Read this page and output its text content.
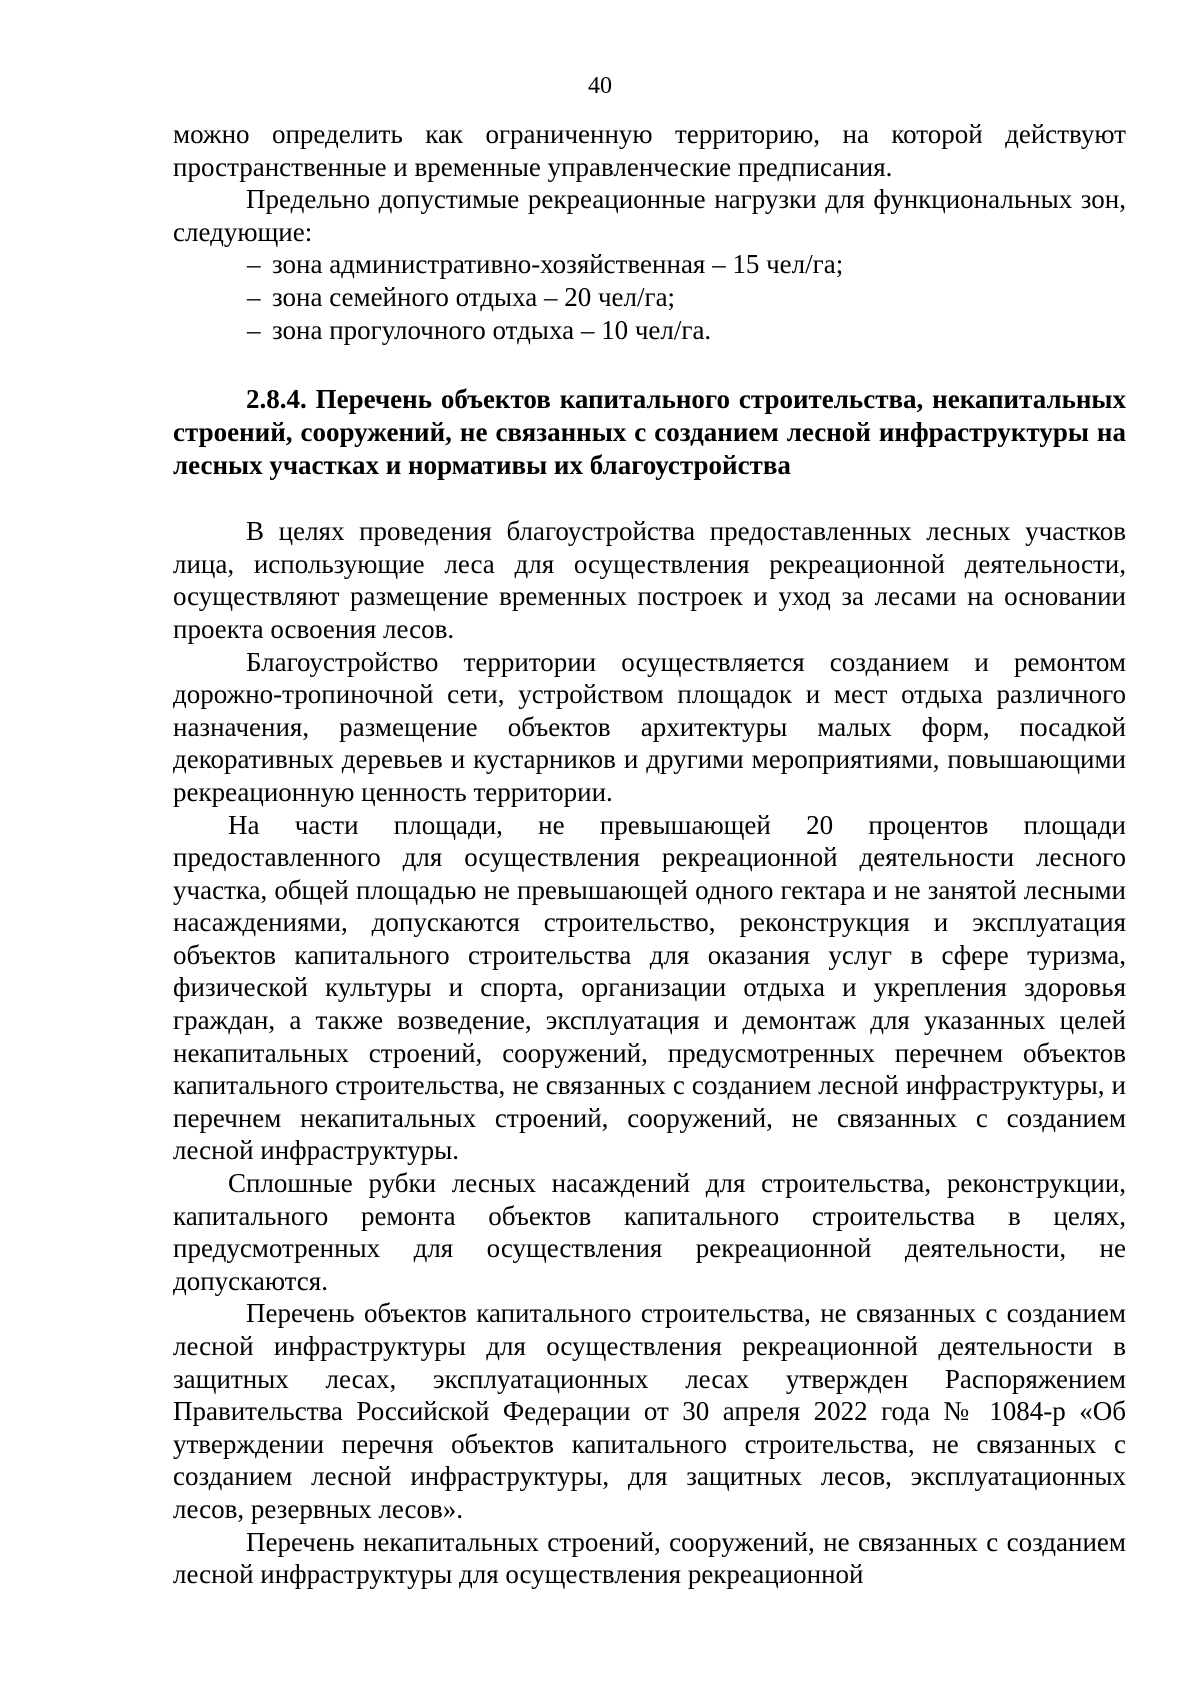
40

можно определить как ограниченную территорию, на которой действуют пространственные и временные управленческие предписания.

Предельно допустимые рекреационные нагрузки для функциональных зон, следующие:

– зона административно-хозяйственная – 15 чел/га;
– зона семейного отдыха – 20 чел/га;
– зона прогулочного отдыха – 10 чел/га.

2.8.4. Перечень объектов капитального строительства, некапитальных строений, сооружений, не связанных с созданием лесной инфраструктуры на лесных участках и нормативы их благоустройства

В целях проведения благоустройства предоставленных лесных участков лица, использующие леса для осуществления рекреационной деятельности, осуществляют размещение временных построек и уход за лесами на основании проекта освоения лесов.

Благоустройство территории осуществляется созданием и ремонтом дорожно-тропиночной сети, устройством площадок и мест отдыха различного назначения, размещение объектов архитектуры малых форм, посадкой декоративных деревьев и кустарников и другими мероприятиями, повышающими рекреационную ценность территории.

На части площади, не превышающей 20 процентов площади предоставленного для осуществления рекреационной деятельности лесного участка, общей площадью не превышающей одного гектара и не занятой лесными насаждениями, допускаются строительство, реконструкция и эксплуатация объектов капитального строительства для оказания услуг в сфере туризма, физической культуры и спорта, организации отдыха и укрепления здоровья граждан, а также возведение, эксплуатация и демонтаж для указанных целей некапитальных строений, сооружений, предусмотренных перечнем объектов капитального строительства, не связанных с созданием лесной инфраструктуры, и перечнем некапитальных строений, сооружений, не связанных с созданием лесной инфраструктуры.

Сплошные рубки лесных насаждений для строительства, реконструкции, капитального ремонта объектов капитального строительства в целях, предусмотренных для осуществления рекреационной деятельности, не допускаются.

Перечень объектов капитального строительства, не связанных с созданием лесной инфраструктуры для осуществления рекреационной деятельности в защитных лесах, эксплуатационных лесах утвержден Распоряжением Правительства Российской Федерации от 30 апреля 2022 года № 1084-р «Об утверждении перечня объектов капитального строительства, не связанных с созданием лесной инфраструктуры, для защитных лесов, эксплуатационных лесов, резервных лесов».

Перечень некапитальных строений, сооружений, не связанных с созданием лесной инфраструктуры для осуществления рекреационной
